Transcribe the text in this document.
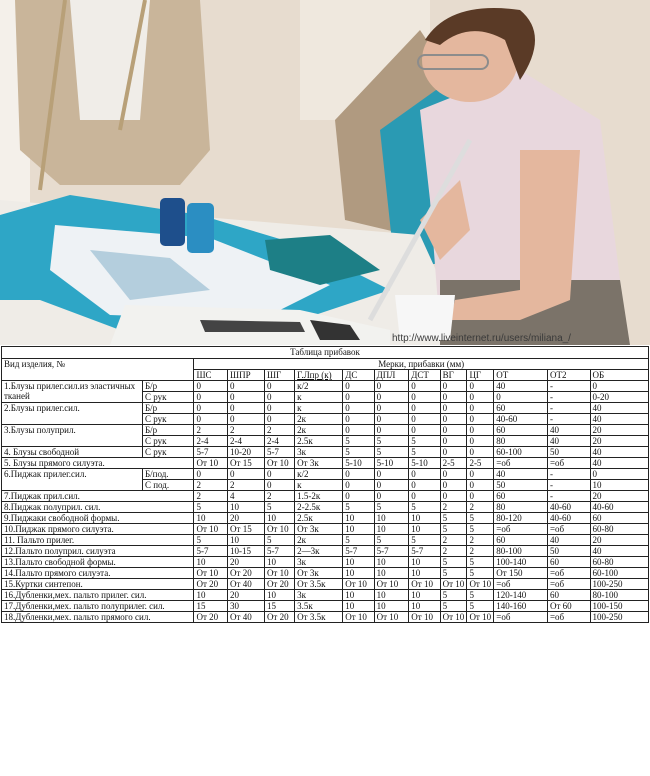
http://www.liveinternet.ru/users/miliana_/
Таблица прибавок													
Вид изделия, №		Мерки, прибавки (мм)											
		ШС	ШПР	ШГ	Г.Лпр (к)	ДС	ДПЛ	ДСТ	ВГ	ЦГ	ОТ	ОТ2	ОБ
1.Блузы прилег.сил.из эластичных тканей	Б/р	0	0	0	к/2	0	0	0	0	0	40	-	0
	С рук	0	0	0	к	0	0	0	0	0	0	-	0-20
2.Блузы прилег.сил.	Б/р	0	0	0	к	0	0	0	0	0	60	-	40
	С рук	0	0	0	2к	0	0	0	0	0	40-60	-	40
3.Блузы полуприл.	Б/р	2	2	2	2к	0	0	0	0	0	60	40	20
	С рук	2-4	2-4	2-4	2.5к	5	5	5	0	0	80	40	20
4. Блузы свободной	С рук	5-7	10-20	5-7	3к	5	5	5	0	0	60-100	50	40
5. Блузы прямого силуэта.		От 10	От 15	От 10	От 3к	5-10	5-10	5-10	2-5	2-5	=об	=об	40
6.Пиджак прилег.сил.	Б/под.	0	0	0	к/2	0	0	0	0	0	40	-	0
	С под.	2	2	0	к	0	0	0	0	0	50	-	10
7.Пиджак прил.сил.		2	4	2	1.5-2к	0	0	0	0	0	60	-	20
8.Пиджак полуприл. сил.		5	10	5	2-2.5к	5	5	5	2	2	80	40-60	40-60
9.Пиджаки свободной формы.		10	20	10	2.5к	10	10	10	5	5	80-120	40-60	60
10.Пиджак прямого силуэта.		От 10	От 15	От 10	От 3к	10	10	10	5	5	=об	=об	60-80
11. Пальто прилег.		5	10	5	2к	5	5	5	2	2	60	40	20
12.Пальто полуприл. силуэта		5-7	10-15	5-7	2—3к	5-7	5-7	5-7	2	2	80-100	50	40
13.Пальто свободной формы.		10	20	10	3к	10	10	10	5	5	100-140	60	60-80
14.Пальто прямого силуэта.		От 10	От 20	От 10	От 3к	10	10	10	5	5	От 150	=об	60-100
15.Куртки синтепон.		От 20	От 40	От 20	От 3.5к	От 10	От 10	От 10	От 10	От 10	=об	=об	100-250
16.Дубленки,мех. пальто прилег. сил.		10	20	10	3к	10	10	10	5	5	120-140	60	80-100
17.Дубленки,мех. пальто полуприлег. сил.		15	30	15	3.5к	10	10	10	5	5	140-160	От 60	100-150
18.Дубленки,мех. пальто прямого сил.		От 20	От 40	От 20	От 3.5к	От 10	От 10	От 10	От 10	От 10	=об	=об	100-250
